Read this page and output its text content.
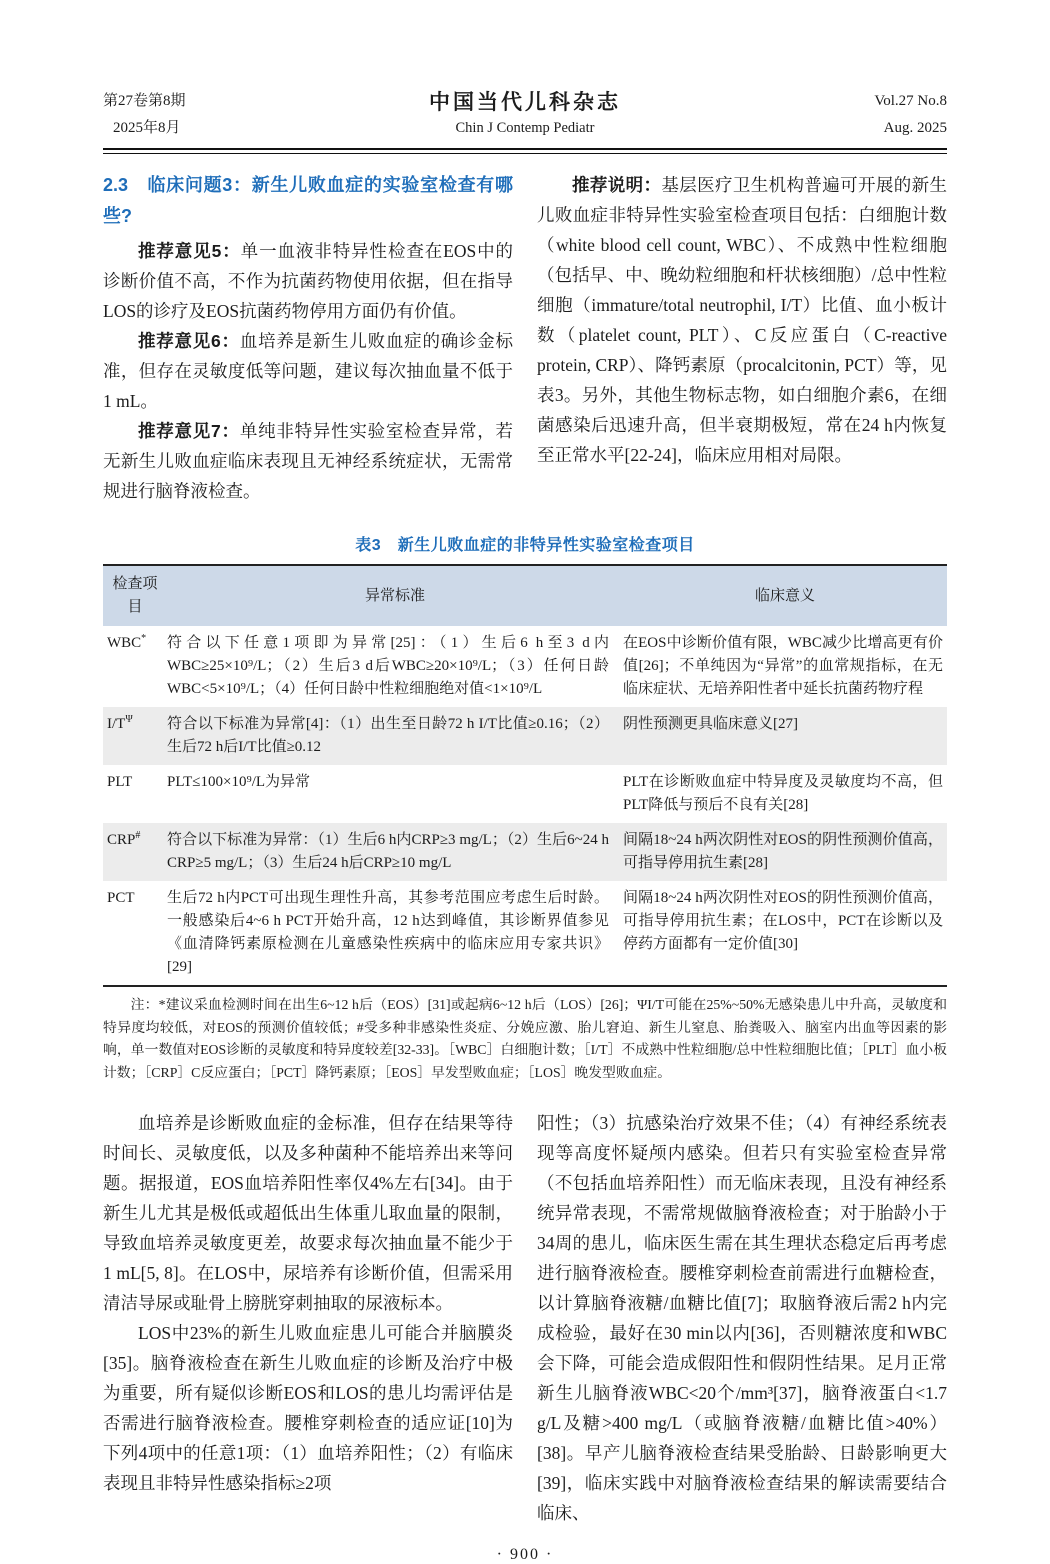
第27卷第8期
2025年8月
中国当代儿科杂志
Chin J Contemp Pediatr
Vol.27 No.8
Aug. 2025
2.3　临床问题3：新生儿败血症的实验室检查有哪些?

推荐意见5：单一血液非特异性检查在EOS中的诊断价值不高，不作为抗菌药物使用依据，但在指导LOS的诊疗及EOS抗菌药物停用方面仍有价值。

推荐意见6：血培养是新生儿败血症的确诊金标准，但存在灵敏度低等问题，建议每次抽血量不低于1 mL。

推荐意见7：单纯非特异性实验室检查异常，若无新生儿败血症临床表现且无神经系统症状，无需常规进行脑脊液检查。

推荐说明：基层医疗卫生机构普遍可开展的新生儿败血症非特异性实验室检查项目包括：白细胞计数（white blood cell count, WBC）、不成熟中性粒细胞（包括早、中、晚幼粒细胞和杆状核细胞）/总中性粒细胞（immature/total neutrophil, I/T）比值、血小板计数（platelet count, PLT）、C反应蛋白（C-reactive protein, CRP）、降钙素原（procalcitonin, PCT）等，见表3。另外，其他生物标志物，如白细胞介素6，在细菌感染后迅速升高，但半衰期极短，常在24 h内恢复至正常水平[22-24]，临床应用相对局限。

表3　新生儿败血症的非特异性实验室检查项目
检查项目	异常标准	临床意义
WBC*	符合以下任意1项即为异常[25]：（1）生后6 h至3 d内WBC≥25×10⁹/L；（2）生后3 d后WBC≥20×10⁹/L；（3）任何日龄WBC<5×10⁹/L；（4）任何日龄中性粒细胞绝对值<1×10⁹/L	在EOS中诊断价值有限，WBC减少比增高更有价值[26]；不单纯因为“异常”的血常规指标，在无临床症状、无培养阳性者中延长抗菌药物疗程
$I/T^\Psi$	符合以下标准为异常[4]：（1）出生至日龄72 h I/T比值≥0.16；（2）生后72 h后I/T比值≥0.12	阴性预测更具临床意义[27]
PLT	PLT≤100×10⁹/L为异常	PLT在诊断败血症中特异度及灵敏度均不高，但PLT降低与预后不良有关[28]
CRP#	符合以下标准为异常：（1）生后6 h内CRP≥3 mg/L；（2）生后6~24 h CRP≥5 mg/L；（3）生后24 h后CRP≥10 mg/L	间隔18~24 h两次阴性对EOS的阴性预测价值高，可指导停用抗生素[28]
PCT	生后72 h内PCT可出现生理性升高，其参考范围应考虑生后时龄。一般感染后4~6 h PCT开始升高，12 h达到峰值，其诊断界值参见《血清降钙素原检测在儿童感染性疾病中的临床应用专家共识》[29]	间隔18~24 h两次阴性对EOS的阴性预测价值高，可指导停用抗生素；在LOS中，PCT在诊断以及停药方面都有一定价值[30]
注：*建议采血检测时间在出生6~12 h后（EOS）[31]或起病6~12 h后（LOS）[26]；ΨI/T可能在25%~50%无感染患儿中升高，灵敏度和特异度均较低，对EOS的预测价值较低；#受多种非感染性炎症、分娩应激、胎儿窘迫、新生儿窒息、胎粪吸入、脑室内出血等因素的影响，单一数值对EOS诊断的灵敏度和特异度较差[32-33]。［WBC］白细胞计数；［I/T］不成熟中性粒细胞/总中性粒细胞比值；［PLT］血小板计数；［CRP］C反应蛋白；［PCT］降钙素原；［EOS］早发型败血症；［LOS］晚发型败血症。

血培养是诊断败血症的金标准，但存在结果等待时间长、灵敏度低，以及多种菌种不能培养出来等问题。据报道，EOS血培养阳性率仅4%左右[34]。由于新生儿尤其是极低或超低出生体重儿取血量的限制，导致血培养灵敏度更差，故要求每次抽血量不能少于1 mL[5, 8]。在LOS中，尿培养有诊断价值，但需采用清洁导尿或耻骨上膀胱穿刺抽取的尿液标本。

LOS中23%的新生儿败血症患儿可能合并脑膜炎[35]。脑脊液检查在新生儿败血症的诊断及治疗中极为重要，所有疑似诊断EOS和LOS的患儿均需评估是否需进行脑脊液检查。腰椎穿刺检查的适应证[10]为下列4项中的任意1项：（1）血培养阳性；（2）有临床表现且非特异性感染指标≥2项

阳性；（3）抗感染治疗效果不佳；（4）有神经系统表现等高度怀疑颅内感染。但若只有实验室检查异常（不包括血培养阳性）而无临床表现，且没有神经系统异常表现，不需常规做脑脊液检查；对于胎龄小于34周的患儿，临床医生需在其生理状态稳定后再考虑进行脑脊液检查。腰椎穿刺检查前需进行血糖检查，以计算脑脊液糖/血糖比值[7]；取脑脊液后需2 h内完成检验，最好在30 min以内[36]，否则糖浓度和WBC会下降，可能会造成假阳性和假阴性结果。足月正常新生儿脑脊液WBC<20个/mm³[37]，脑脊液蛋白<1.7 g/L及糖>400 mg/L（或脑脊液糖/血糖比值>40%）[38]。早产儿脑脊液检查结果受胎龄、日龄影响更大[39]，临床实践中对脑脊液检查结果的解读需要结合临床、

· 900 ·
